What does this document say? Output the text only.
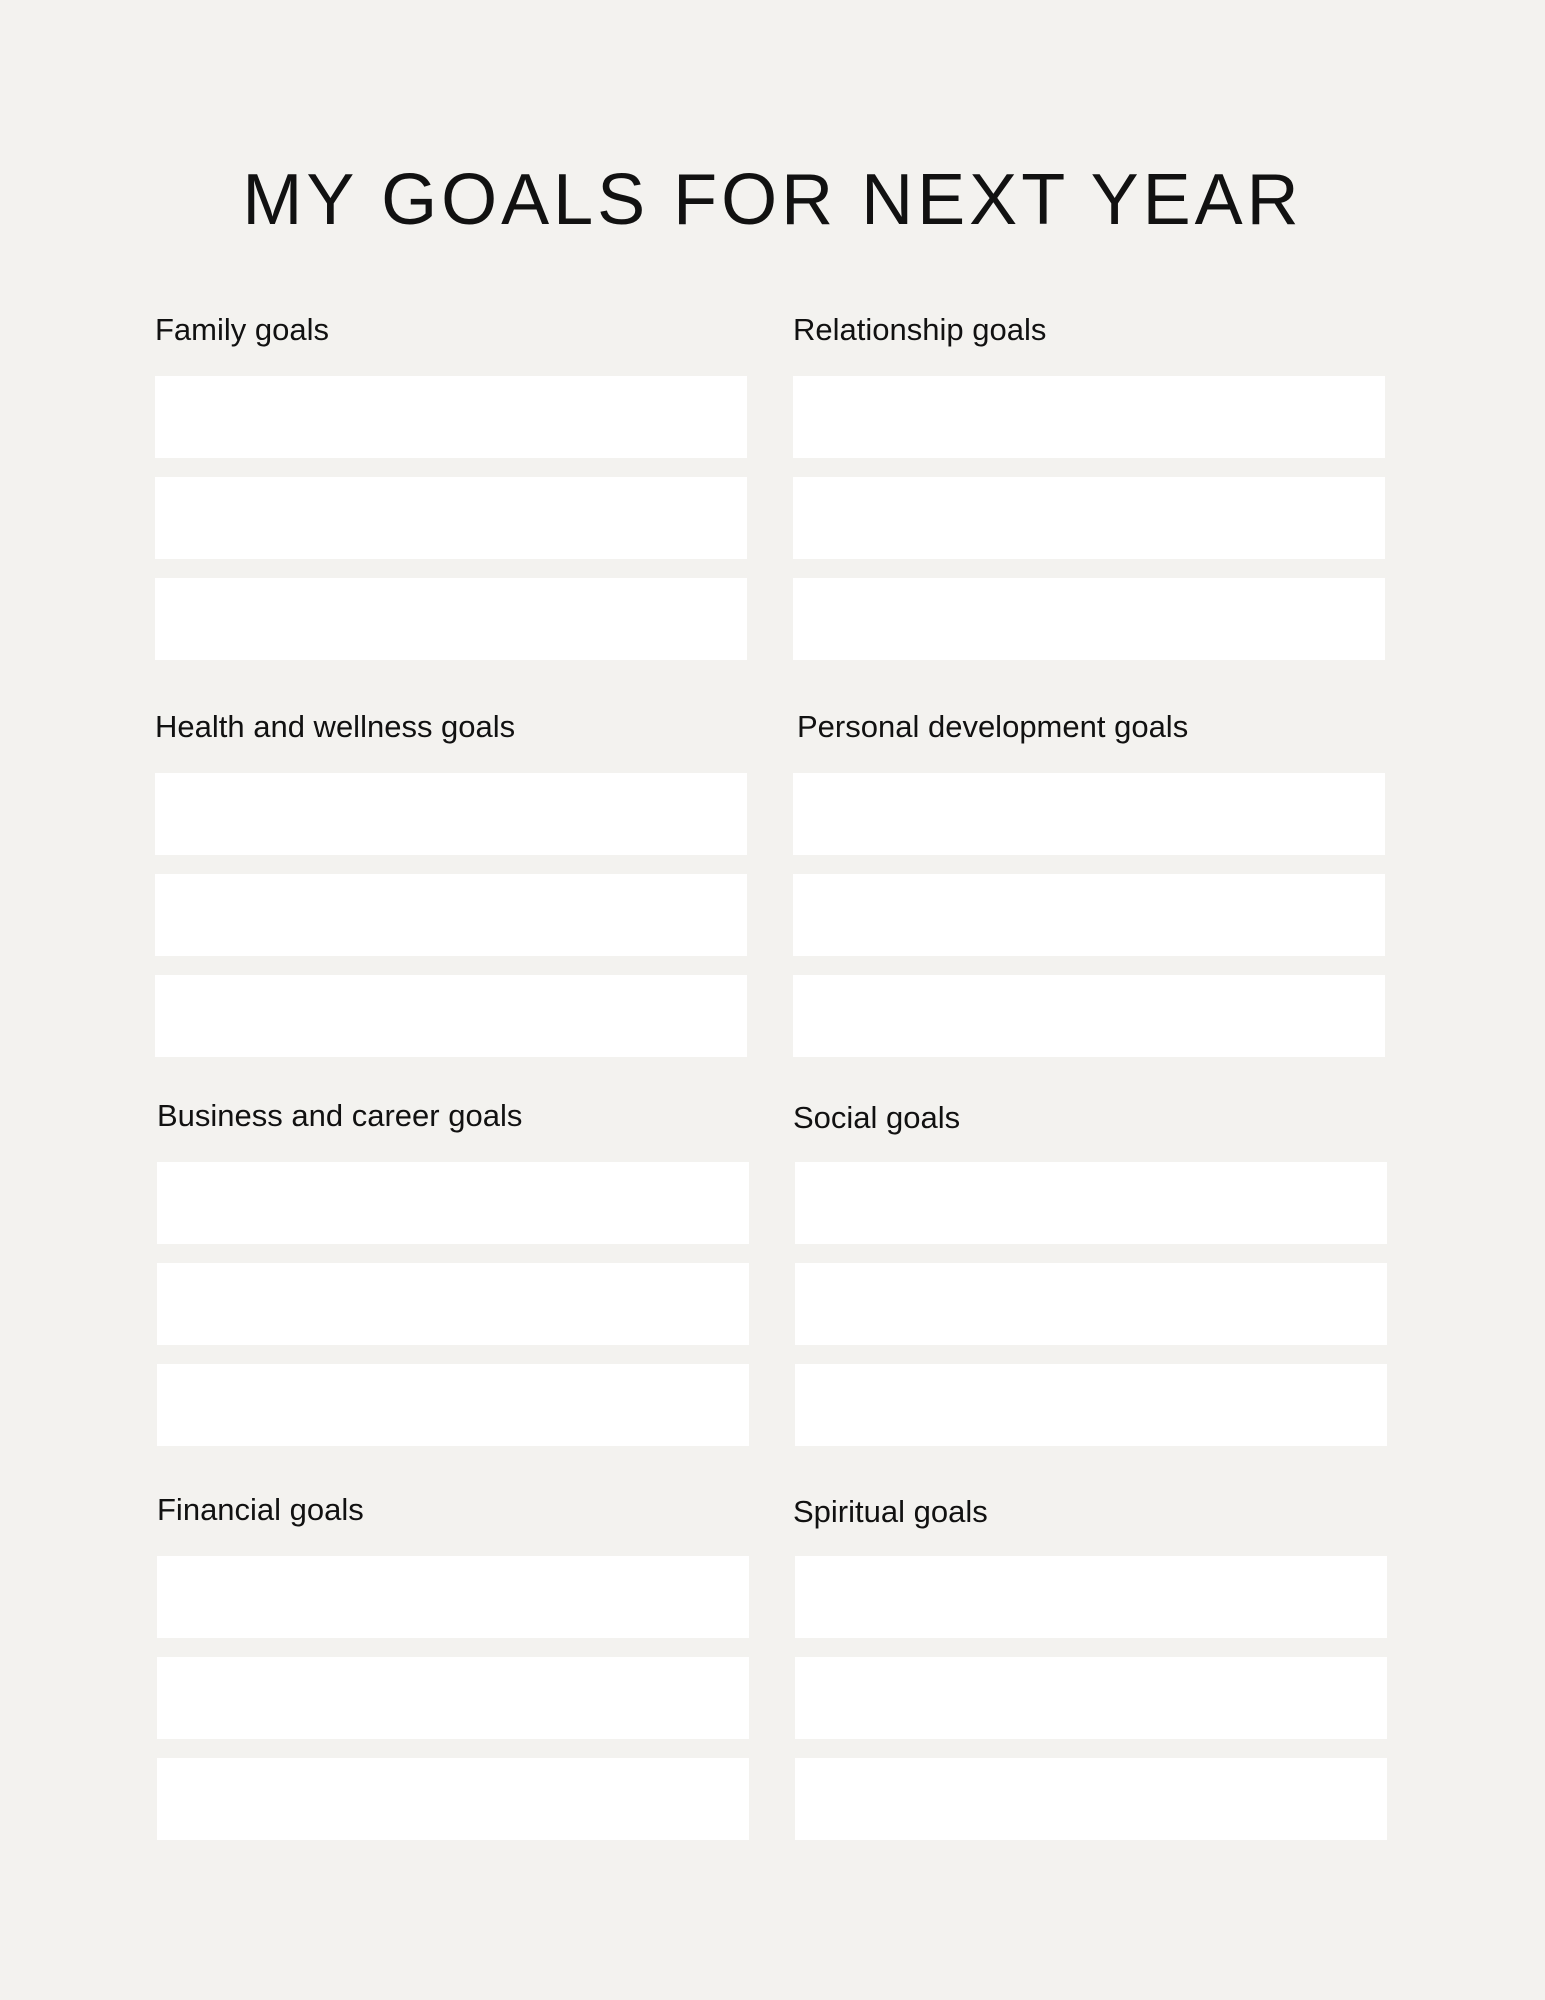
MY GOALS FOR NEXT YEAR

Family goals	Relationship goals

Health and wellness goals	Personal development goals

Business and career goals	Social goals

Financial goals	Spiritual goals
